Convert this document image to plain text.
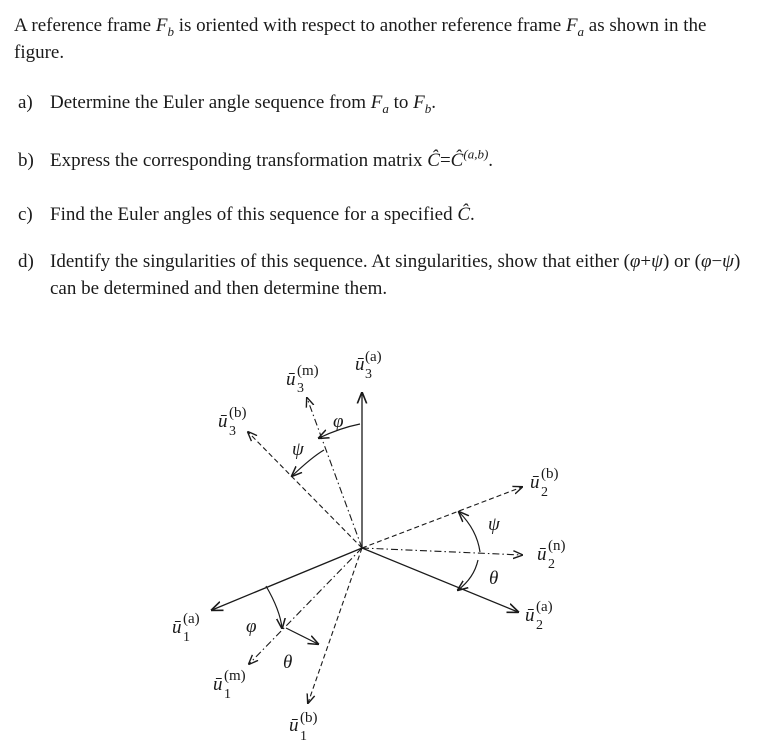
A reference frame $F_b$ is oriented with respect to another reference frame $F_a$ as shown in the figure.

a) Determine the Euler angle sequence from $F_a$ to $F_b$.
b) Express the corresponding transformation matrix $Ĉ=Ĉ^{(a,b)}$.
c) Find the Euler angles of this sequence for a specified Ĉ.
d) Identify the singularities of this sequence. At singularities, show that either (φ+ψ) or (φ−ψ) can be determined and then determine them.
ū (m)
3
ū (a)
3
ū (b)
3
ū (b)
2
ū (n)
2
ū (a)
2
ū (a)
1
ū (m)
1
ū (b)
1
ψ
φ
ψ
θ
φ
θ
